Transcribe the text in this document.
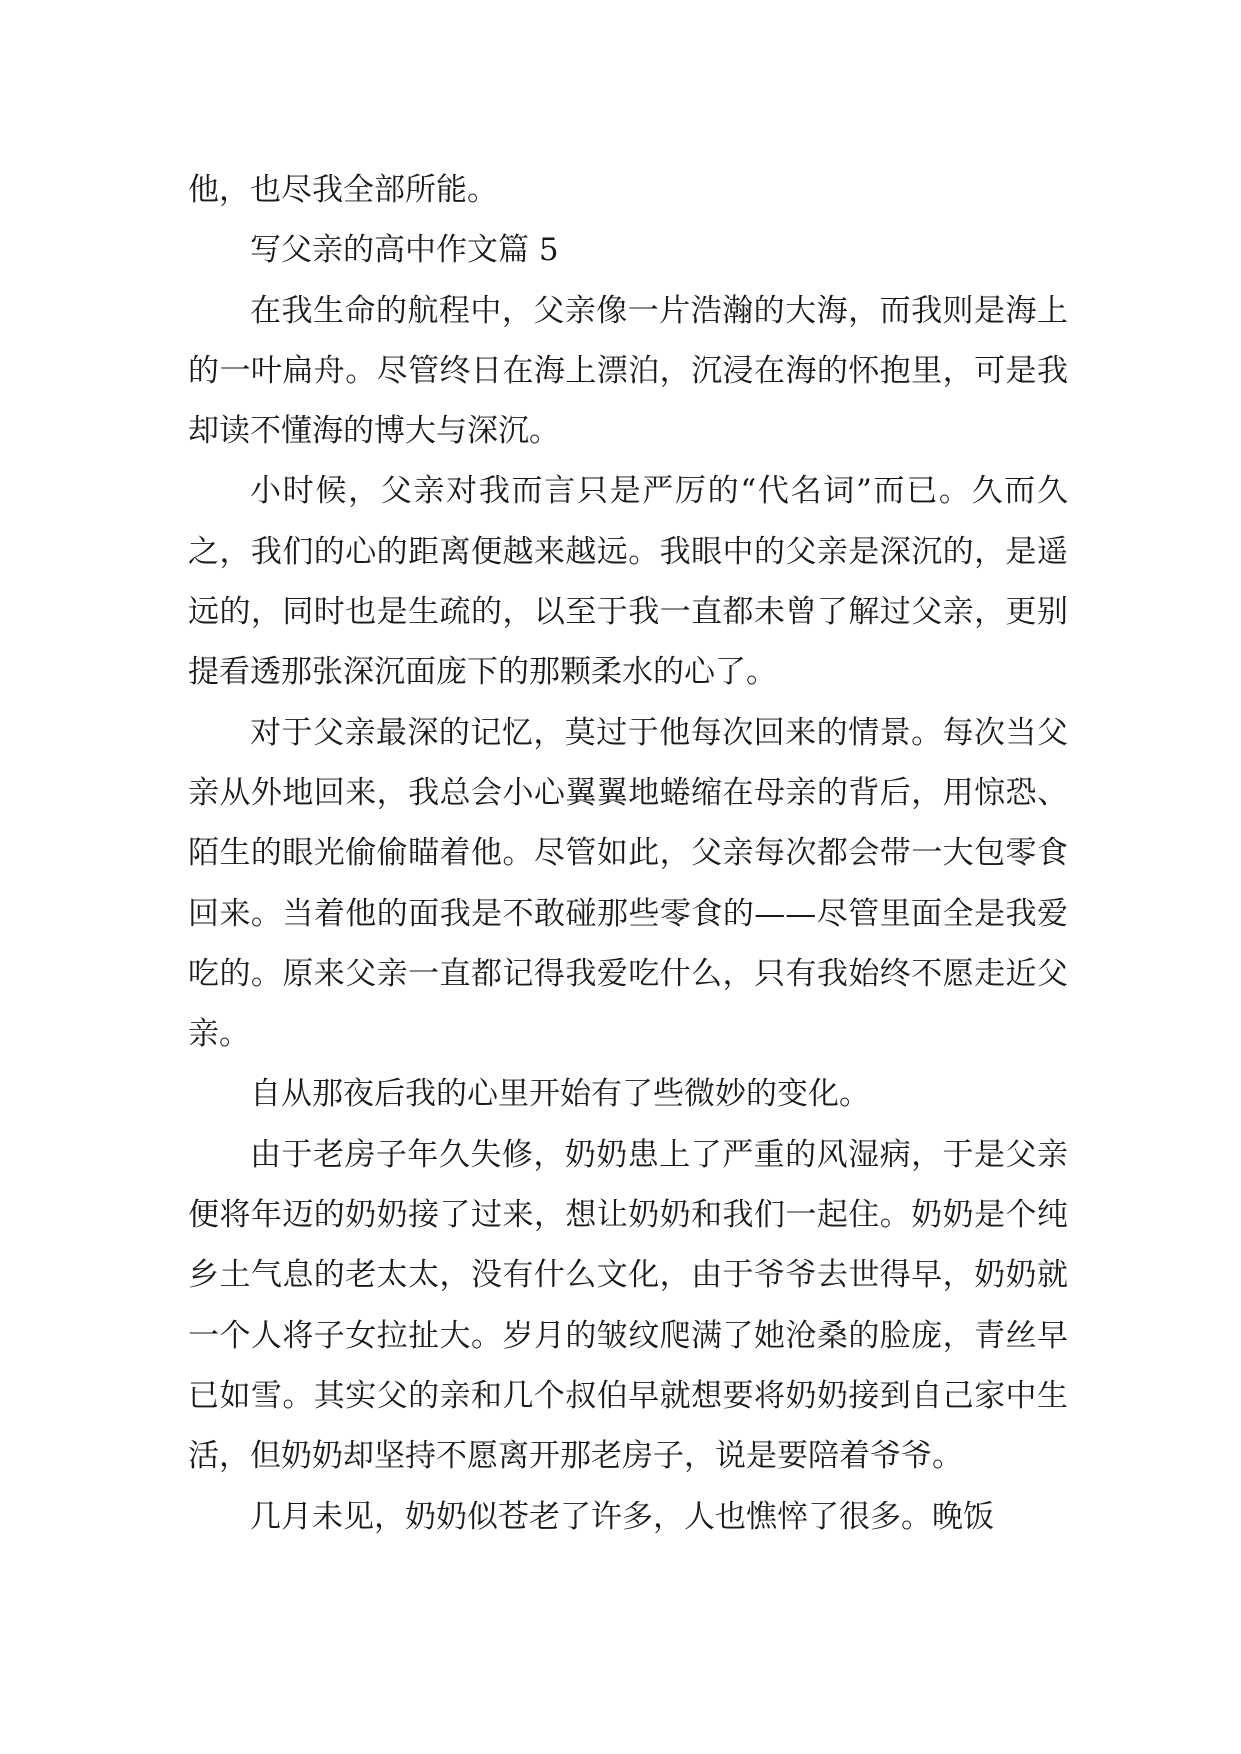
他，也尽我全部所能。

写父亲的高中作文篇 5

在我生命的航程中，父亲像一片浩瀚的大海，而我则是海上的一叶扁舟。尽管终日在海上漂泊，沉浸在海的怀抱里，可是我却读不懂海的博大与深沉。

小时候，父亲对我而言只是严厉的“代名词”而已。久而久之，我们的心的距离便越来越远。我眼中的父亲是深沉的，是遥远的，同时也是生疏的，以至于我一直都未曾了解过父亲，更别提看透那张深沉面庞下的那颗柔水的心了。

对于父亲最深的记忆，莫过于他每次回来的情景。每次当父亲从外地回来，我总会小心翼翼地蜷缩在母亲的背后，用惊恐、陌生的眼光偷偷瞄着他。尽管如此，父亲每次都会带一大包零食回来。当着他的面我是不敢碰那些零食的——尽管里面全是我爱吃的。原来父亲一直都记得我爱吃什么，只有我始终不愿走近父亲。

自从那夜后我的心里开始有了些微妙的变化。

由于老房子年久失修，奶奶患上了严重的风湿病，于是父亲便将年迈的奶奶接了过来，想让奶奶和我们一起住。奶奶是个纯乡土气息的老太太，没有什么文化，由于爷爷去世得早，奶奶就一个人将子女拉扯大。岁月的皱纹爬满了她沧桑的脸庞，青丝早已如雪。其实父的亲和几个叔伯早就想要将奶奶接到自己家中生活，但奶奶却坚持不愿离开那老房子，说是要陪着爷爷。

几月未见，奶奶似苍老了许多，人也憔悴了很多。晚饭
